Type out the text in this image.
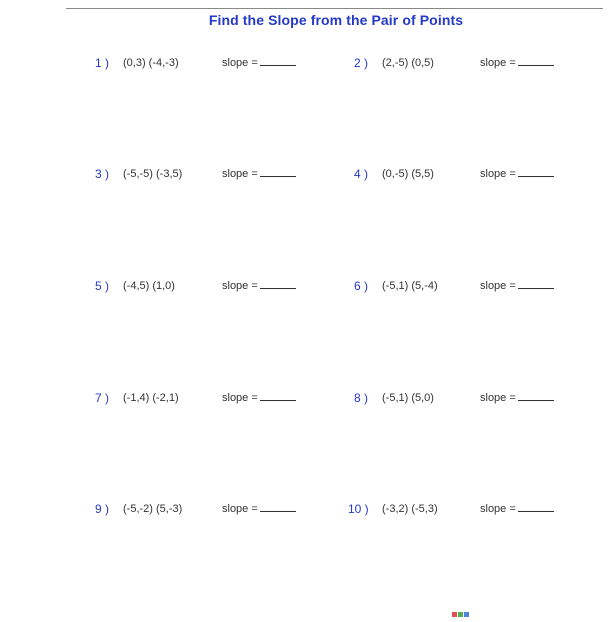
Find the Slope from the Pair of Points
1 ) (0,3) (-4,-3)	slope =
3 ) (-5,-5) (-3,5)	slope =
5 ) (-4,5) (1,0)	slope =
7 ) (-1,4) (-2,1)	slope =
9 ) (-5,-2) (5,-3)	slope =
2 ) (2,-5) (0,5)	slope =
4 ) (0,-5) (5,5)	slope =
6 ) (-5,1) (5,-4)	slope =
8 ) (-5,1) (5,0)	slope =
10 ) (-3,2) (-5,3)	slope =
